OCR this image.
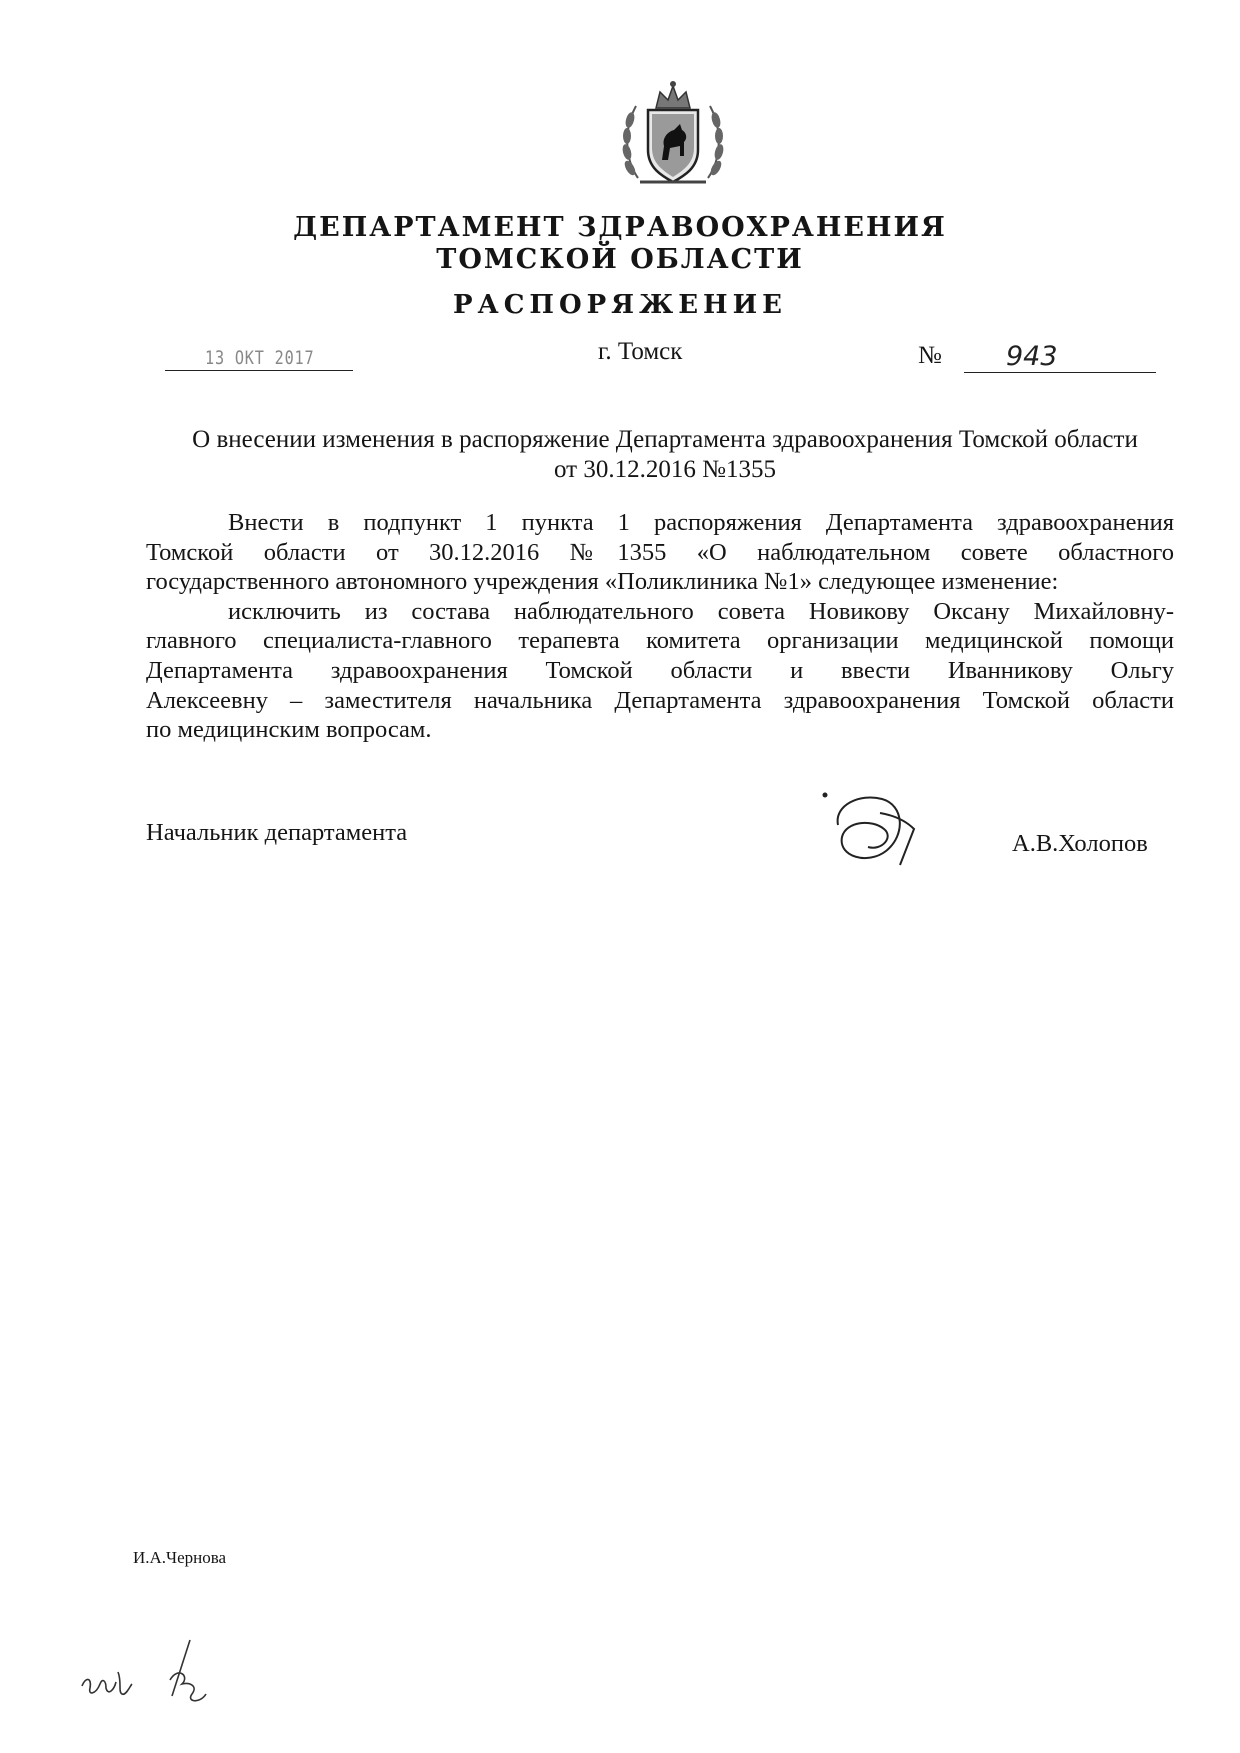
ДЕПАРТАМЕНТ ЗДРАВООХРАНЕНИЯ
ТОМСКОЙ ОБЛАСТИ
РАСПОРЯЖЕНИЕ
13 ОКТ 2017	г. Томск	№ 943
О внесении изменения в распоряжение Департамента здравоохранения Томской области
от 30.12.2016 №1355

Внести в подпункт 1 пункта 1 распоряжения Департамента здравоохранения

Томской области от 30.12.2016 №1355 «О наблюдательном совете областного

государственного автономного учреждения «Поликлиника №1» следующее изменение:

исключить из состава наблюдательного совета Новикову Оксану Михайловну-

главного специалиста-главного терапевта комитета организации медицинской помощи

Департамента здравоохранения Томской области и ввести Иванникову Ольгу

Алексеевну – заместителя начальника Департамента здравоохранения Томской области

по медицинским вопросам.

Начальник департамента	А.В.Холопов
И.А.Чернова
